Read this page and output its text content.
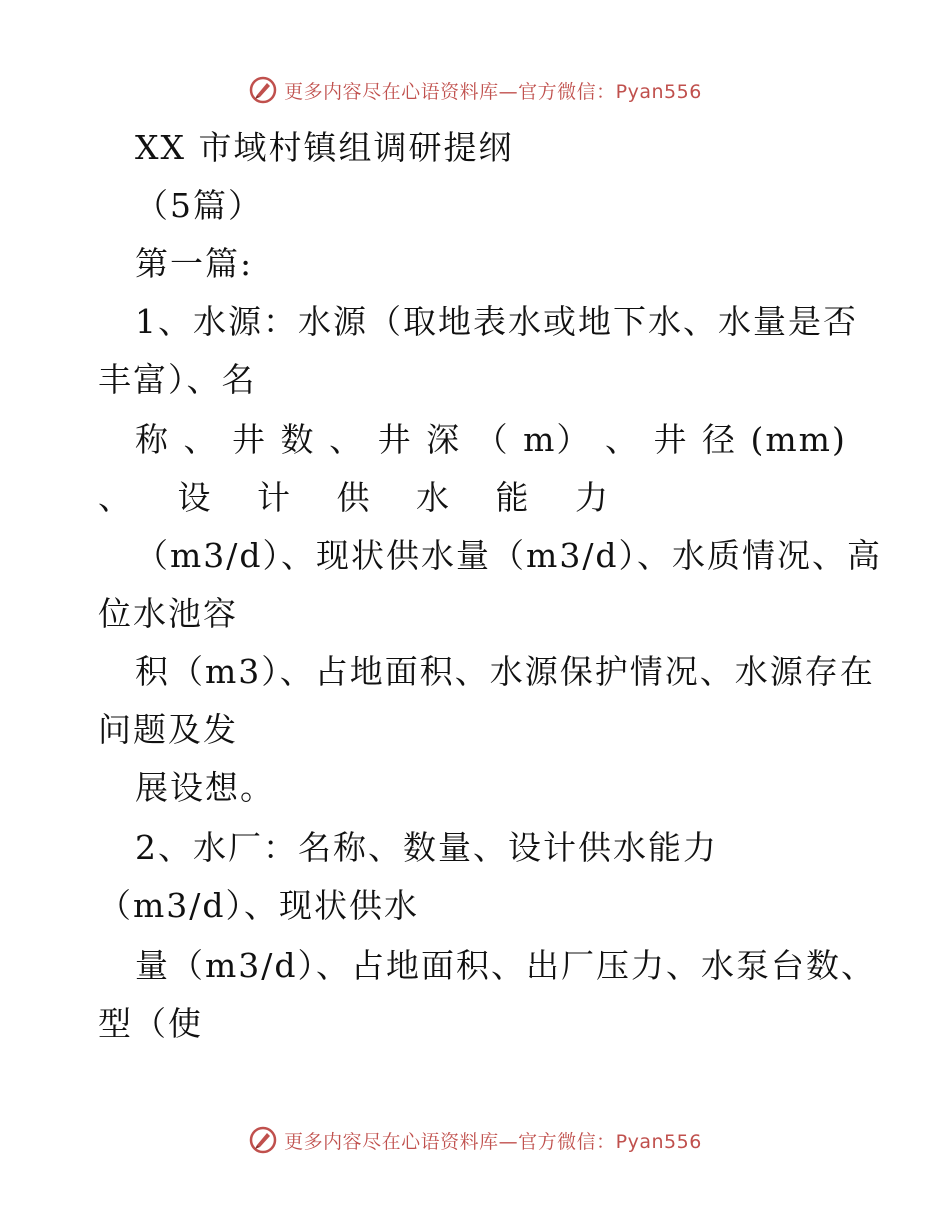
更多内容尽在心语资料库—官方微信：Pyan556
XX 市域村镇组调研提纲
（5篇）
第一篇:
1、水源：水源（取地表水或地下水、水量是否
丰富）、名
称 、 井 数 、 井 深 （ m） 、 井 径 (mm)
、 设 计 供 水 能 力
（m3/d）、现状供水量（m3/d）、水质情况、高
位水池容
积（m3）、占地面积、水源保护情况、水源存在
问题及发
展设想。
2、水厂：名称、数量、设计供水能力
（m3/d）、现状供水
量（m3/d）、占地面积、出厂压力、水泵台数、
型（使
更多内容尽在心语资料库—官方微信：Pyan556
